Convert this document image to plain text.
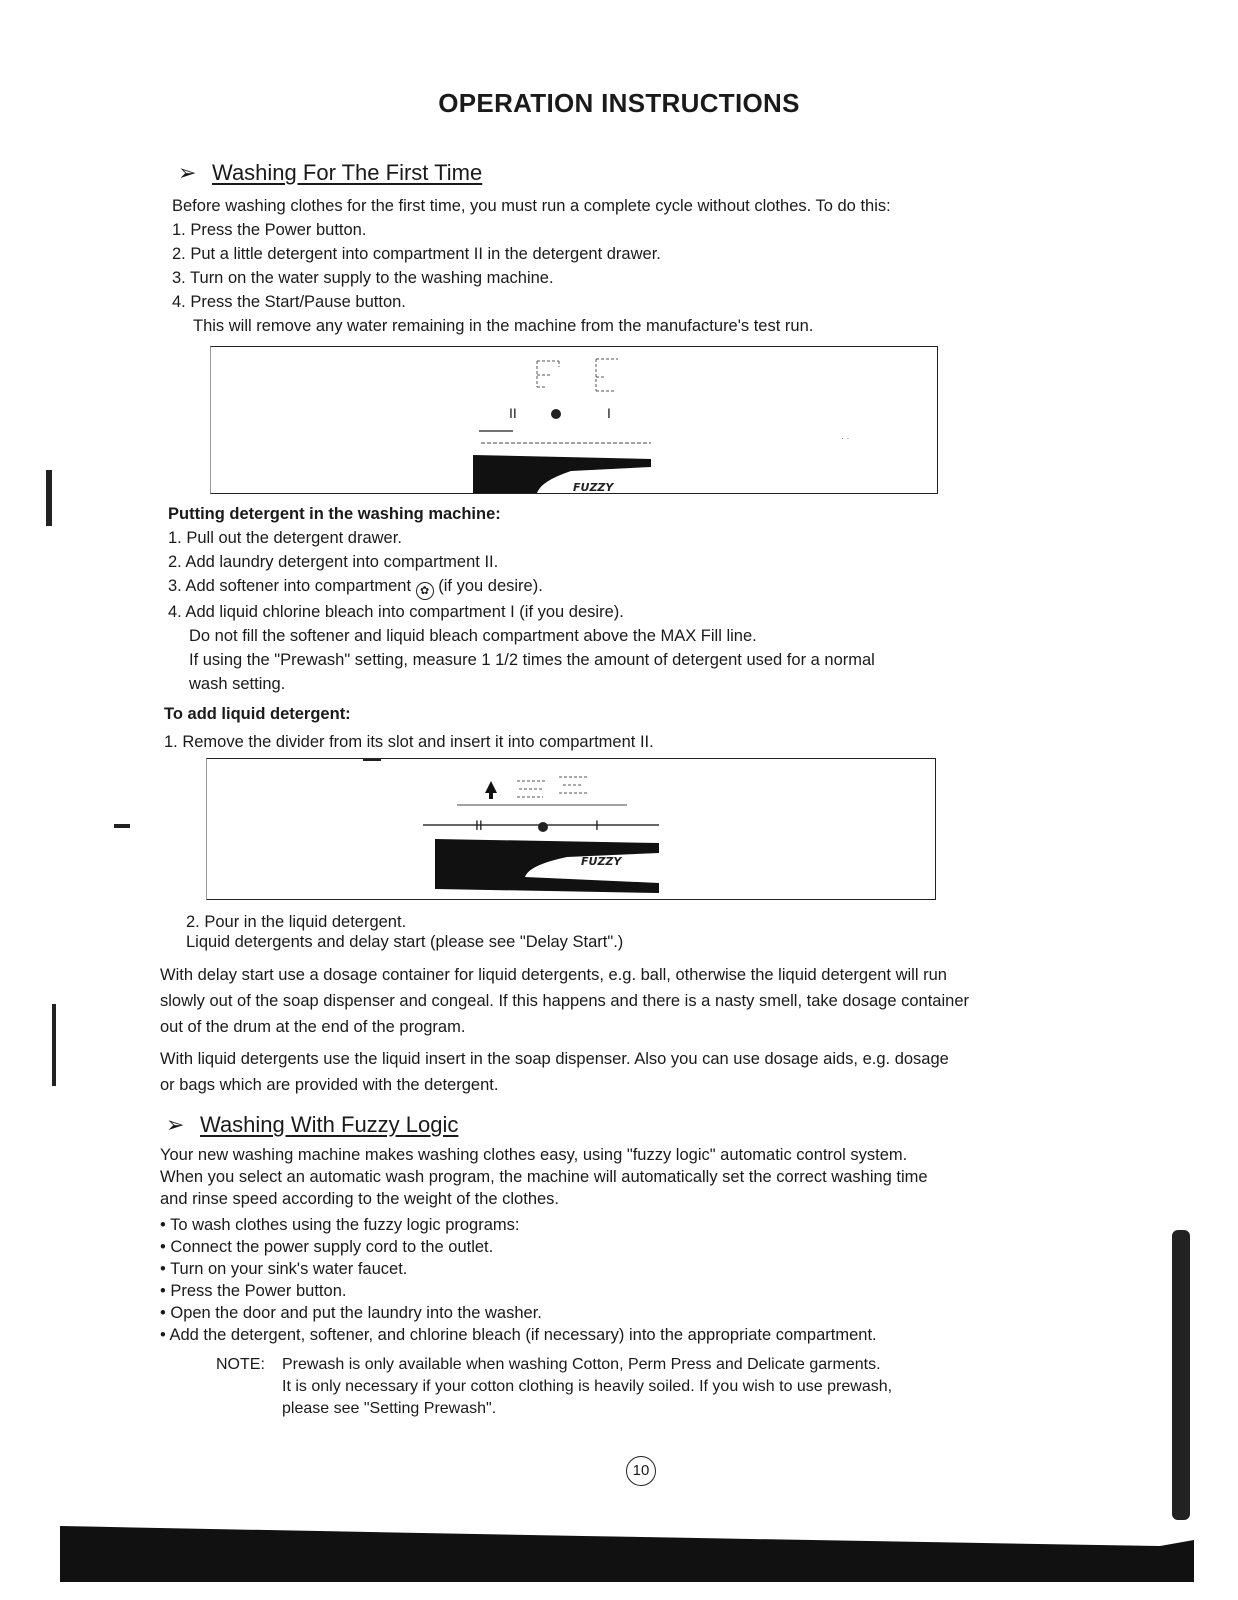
OPERATION INSTRUCTIONS
➢ Washing For The First Time
Before washing clothes for the first time, you must run a complete cycle without clothes. To do this:
1. Press the Power button.
2. Put a little detergent into compartment II in the detergent drawer.
3. Turn on the water supply to the washing machine.
4. Press the Start/Pause button.
This will remove any water remaining in the machine from the manufacture's test run.
· ·
II	I
FUZZY
Putting detergent in the washing machine:
1. Pull out the detergent drawer.
2. Add laundry detergent into compartment II.
3. Add softener into compartment ✿ (if you desire).
4. Add liquid chlorine bleach into compartment I (if you desire).
Do not fill the softener and liquid bleach compartment above the MAX Fill line.
If using the "Prewash" setting, measure 1 1/2 times the amount of detergent used for a normal
wash setting.
To add liquid detergent:
1. Remove the divider from its slot and insert it into compartment II.
II	I
FUZZY
2. Pour in the liquid detergent.
Liquid detergents and delay start (please see "Delay Start".)
With delay start use a dosage container for liquid detergents, e.g. ball, otherwise the liquid detergent will run
slowly out of the soap dispenser and congeal. If this happens and there is a nasty smell, take dosage container
out of the drum at the end of the program.
With liquid detergents use the liquid insert in the soap dispenser. Also you can use dosage aids, e.g. dosage
or bags which are provided with the detergent.
➢ Washing With Fuzzy Logic
Your new washing machine makes washing clothes easy, using "fuzzy logic" automatic control system.
When you select an automatic wash program, the machine will automatically set the correct washing time
and rinse speed according to the weight of the clothes.
• To wash clothes using the fuzzy logic programs:
• Connect the power supply cord to the outlet.
• Turn on your sink's water faucet.
• Press the Power button.
• Open the door and put the laundry into the washer.
• Add the detergent, softener, and chlorine bleach (if necessary) into the appropriate compartment.
NOTE:	Prewash is only available when washing Cotton, Perm Press and Delicate garments.
It is only necessary if your cotton clothing is heavily soiled. If you wish to use prewash,
please see "Setting Prewash".
10
